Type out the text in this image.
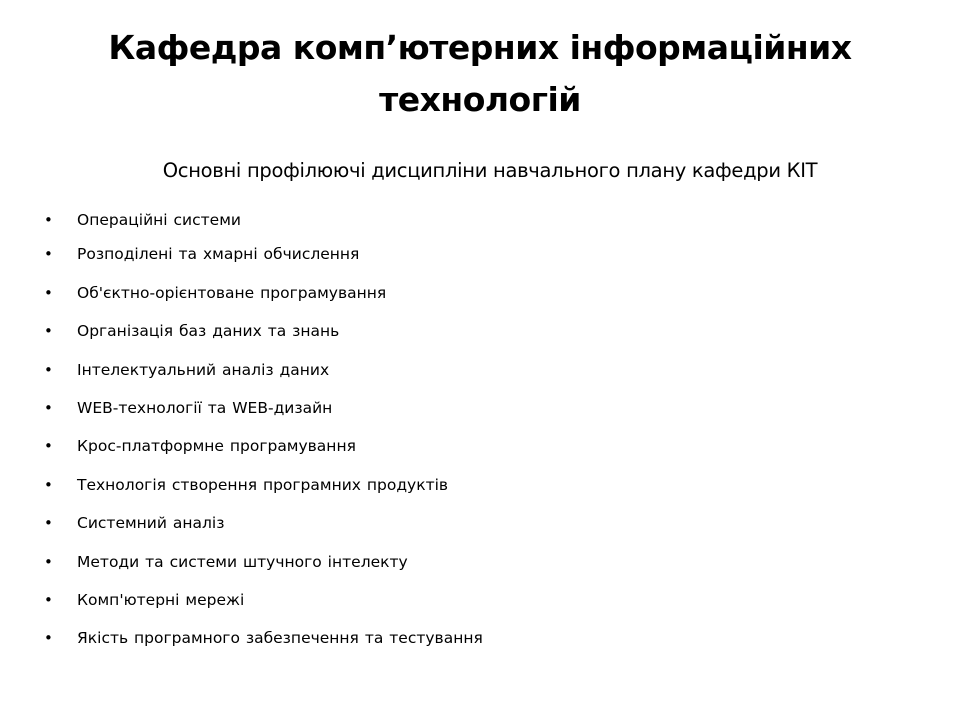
Кафедра комп’ютерних інформаційних
технологій
Основні профілюючі дисципліни навчального плану кафедри КІТ
• Операційні системи
• Розподілені та хмарні обчислення
• Об'єктно-орієнтоване програмування
• Організація баз даних та знань
• Інтелектуальний аналіз даних
• WEB-технології та WEB-дизайн
• Крос-платформне програмування
• Технологія створення програмних продуктів
• Системний аналіз
• Методи та системи штучного інтелекту
• Комп'ютерні мережі
• Якість програмного забезпечення та тестування
